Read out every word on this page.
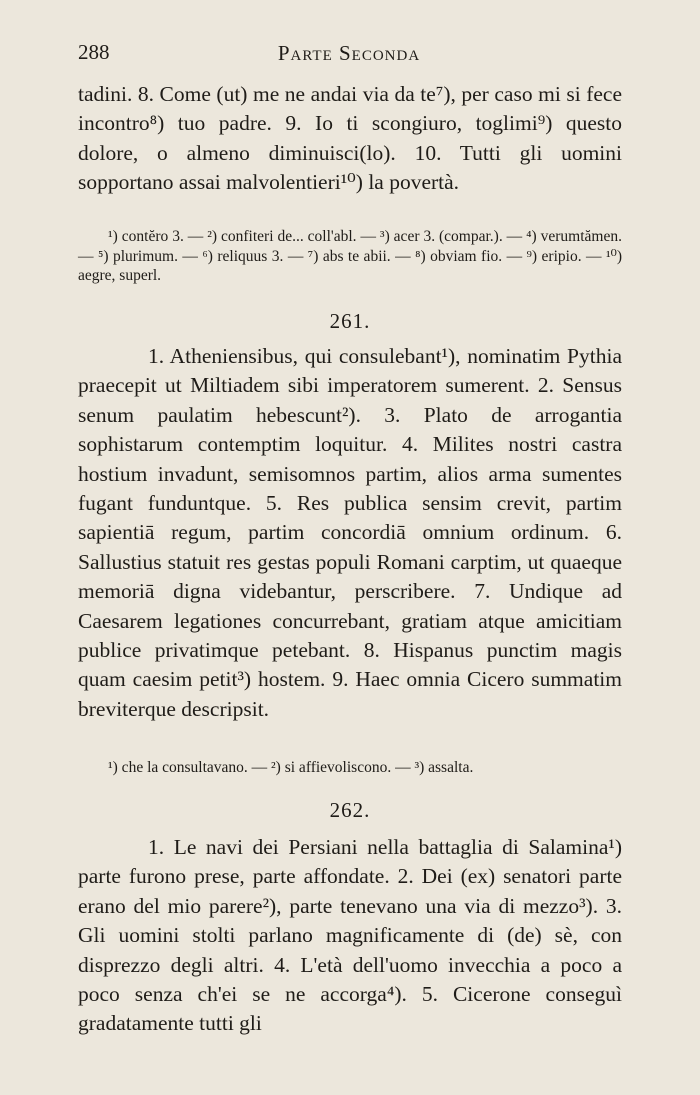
288	Parte Seconda

tadini. 8. Come (ut) me ne andai via da te⁷), per caso mi si fece incontro⁸) tuo padre. 9. Io ti scongiuro, toglimi⁹) questo dolore, o almeno diminuisci(lo). 10. Tutti gli uomini sopportano assai malvolentieri¹⁰) la povertà.

¹) contĕro 3. — ²) confiteri de... coll'abl. — ³) acer 3. (compar.). — ⁴) verumtămen. — ⁵) plurimum. — ⁶) reliquus 3. — ⁷) abs te abii. — ⁸) obviam fio. — ⁹) eripio. — ¹⁰) aegre, superl.

261.

1. Atheniensibus, qui consulebant¹), nominatim Pythia praecepit ut Miltiadem sibi imperatorem sumerent. 2. Sensus senum paulatim hebescunt²). 3. Plato de arrogantia sophistarum contemptim loquitur. 4. Milites nostri castra hostium invadunt, semisomnos partim, alios arma sumentes fugant funduntque. 5. Res publica sensim crevit, partim sapientiā regum, partim concordiā omnium ordinum. 6. Sallustius statuit res gestas populi Romani carptim, ut quaeque memoriā digna videbantur, perscribere. 7. Undique ad Caesarem legationes concurrebant, gratiam atque amicitiam publice privatimque petebant. 8. Hispanus punctim magis quam caesim petit³) hostem. 9. Haec omnia Cicero summatim breviterque descripsit.

¹) che la consultavano. — ²) si affievoliscono. — ³) assalta.

262.

1. Le navi dei Persiani nella battaglia di Salamina¹) parte furono prese, parte affondate. 2. Dei (ex) senatori parte erano del mio parere²), parte tenevano una via di mezzo³). 3. Gli uomini stolti parlano magnificamente di (de) sè, con disprezzo degli altri. 4. L'età dell'uomo invecchia a poco a poco senza ch'ei se ne accorga⁴). 5. Cicerone conseguì gradatamente tutti gli
